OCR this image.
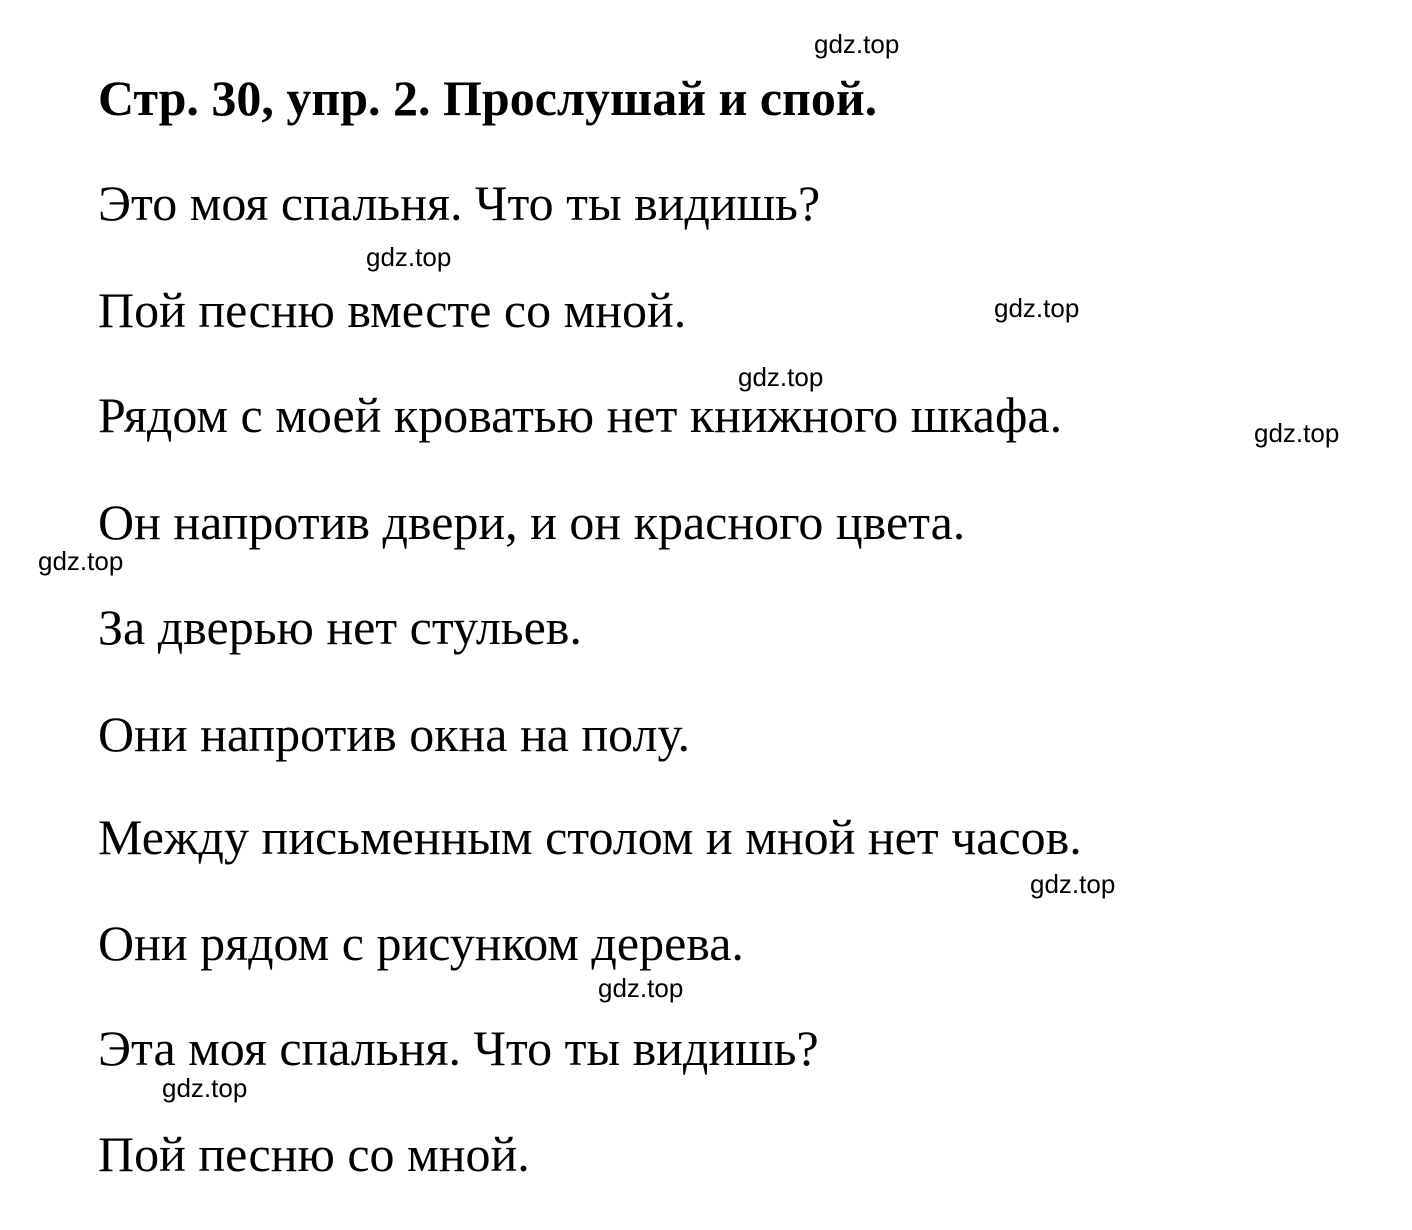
Стр. 30, упр. 2. Прослушай и спой.

Это моя спальня. Что ты видишь?

Пой песню вместе со мной.

Рядом с моей кроватью нет книжного шкафа.

Он напротив двери, и он красного цвета.

За дверью нет стульев.

Они напротив окна на полу.

Между письменным столом и мной нет часов.

Они рядом с рисунком дерева.

Эта моя спальня. Что ты видишь?

Пой песню со мной.

gdz.top
gdz.top
gdz.top
gdz.top
gdz.top
gdz.top
gdz.top
gdz.top
gdz.top
